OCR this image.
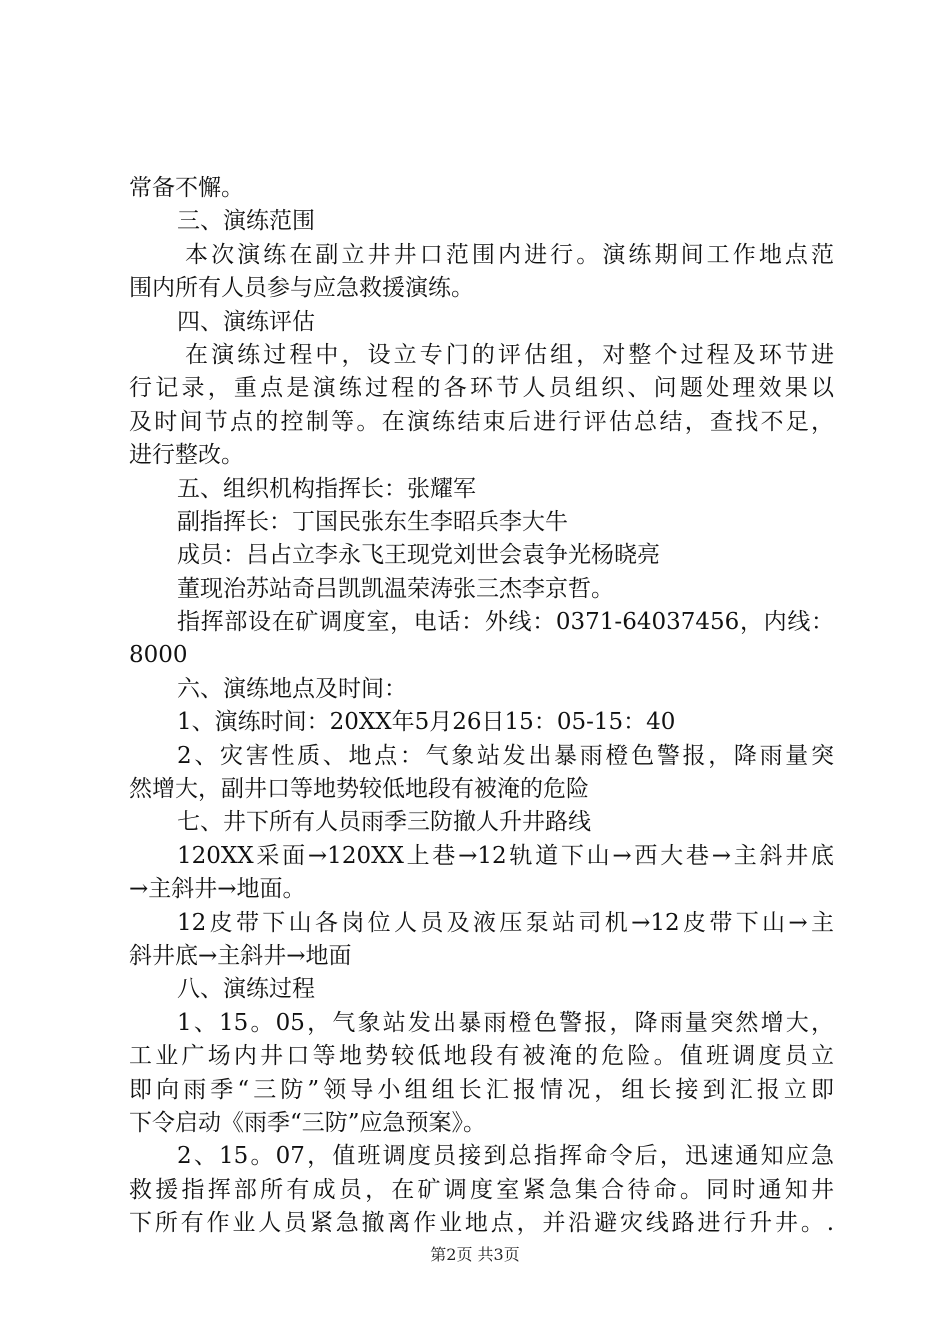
常备不懈。
三、演练范围
本次演练在副立井井口范围内进行。演练期间工作地点范
围内所有人员参与应急救援演练。
四、演练评估
在演练过程中，设立专门的评估组，对整个过程及环节进
行记录，重点是演练过程的各环节人员组织、问题处理效果以
及时间节点的控制等。在演练结束后进行评估总结，查找不足，
进行整改。
五、组织机构指挥长：张耀军
副指挥长：丁国民张东生李昭兵李大牛
成员：吕占立李永飞王现党刘世会袁争光杨晓亮
董现治苏站奇吕凯凯温荣涛张三杰李京哲。
指挥部设在矿调度室，电话：外线：0371-64037456，内线：
8000
六、演练地点及时间：
1、演练时间：20XX年5月26日15：05-15：40
2、灾害性质、地点：气象站发出暴雨橙色警报，降雨量突
然增大，副井口等地势较低地段有被淹的危险
七、井下所有人员雨季三防撤人升井路线
120XX采面→120XX上巷→12轨道下山→西大巷→主斜井底
→主斜井→地面。
12皮带下山各岗位人员及液压泵站司机→12皮带下山→主
斜井底→主斜井→地面
八、演练过程
1、15。05，气象站发出暴雨橙色警报，降雨量突然增大，
工业广场内井口等地势较低地段有被淹的危险。值班调度员立
即向雨季“三防”领导小组组长汇报情况，组长接到汇报立即
下令启动《雨季“三防”应急预案》。
2、15。07，值班调度员接到总指挥命令后，迅速通知应急
救援指挥部所有成员，在矿调度室紧急集合待命。同时通知井
下所有作业人员紧急撤离作业地点，并沿避灾线路进行升井。.
第2页 共3页
